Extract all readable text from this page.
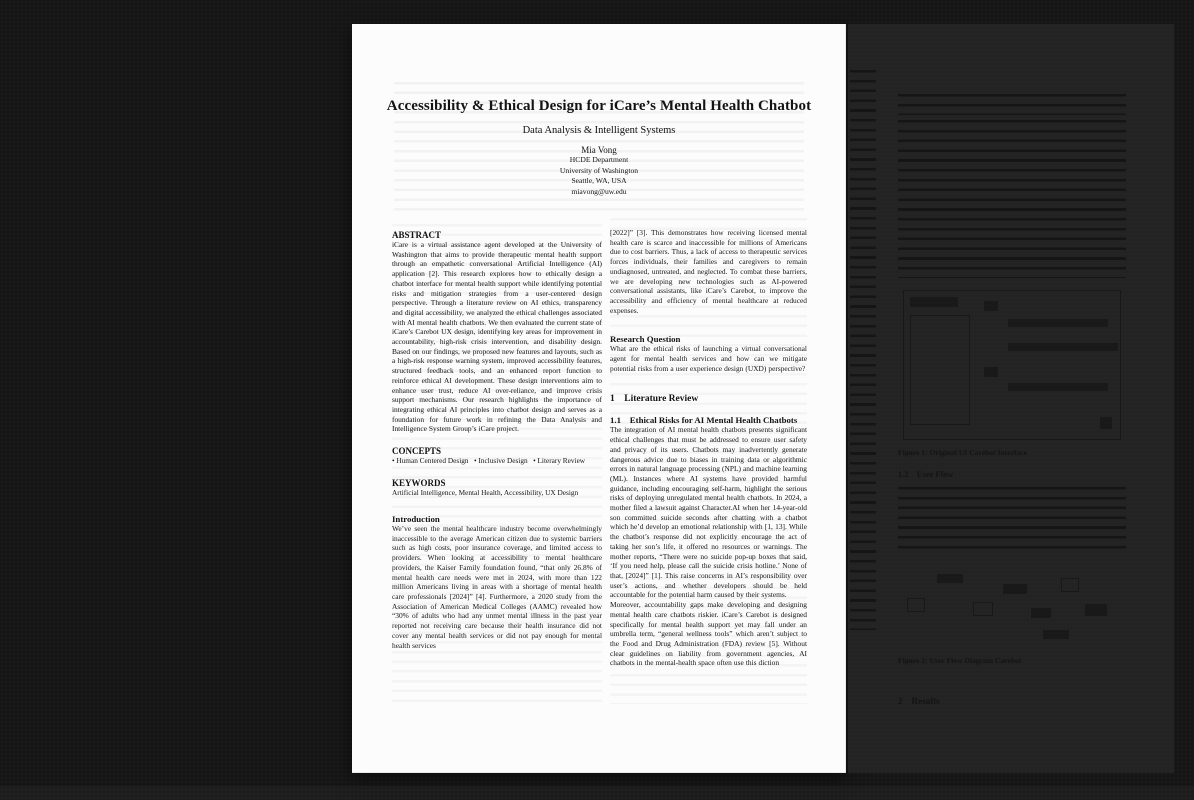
Accessibility & Ethical Design for iCare’s Mental Health Chatbot
Data Analysis & Intelligent Systems
Mia Vong
HCDE Department
University of Washington
Seattle, WA, USA
miavong@uw.edu
ABSTRACT

iCare is a virtual assistance agent developed at the University of Washington that aims to provide therapeutic mental health support through an empathetic conversational Artificial Intelligence (AI) application [2]. This research explores how to ethically design a chatbot interface for mental health support while identifying potential risks and mitigation strategies from a user-centered design perspective. Through a literature review on AI ethics, transparency and digital accessibility, we analyzed the ethical challenges associated with AI mental health chatbots. We then evaluated the current state of iCare’s Carebot UX design, identifying key areas for improvement in accountability, high-risk crisis intervention, and disability design. Based on our findings, we proposed new features and layouts, such as a high-risk response warning system, improved accessibility features, structured feedback tools, and an enhanced report function to reinforce ethical AI development. These design interventions aim to enhance user trust, reduce AI over-reliance, and improve crisis support mechanisms. Our research highlights the importance of integrating ethical AI principles into chatbot design and serves as a foundation for future work in refining the Data Analysis and Intelligence System Group’s iCare project.

CONCEPTS

• Human Centered Design   • Inclusive Design   • Literary Review

KEYWORDS

Artificial Intelligence, Mental Health, Accessibility, UX Design

Introduction

We’ve seen the mental healthcare industry become overwhelmingly inaccessible to the average American citizen due to systemic barriers such as high costs, poor insurance coverage, and limited access to providers. When looking at accessibility to mental healthcare providers, the Kaiser Family foundation found, “that only 26.8% of mental health care needs were met in 2024, with more than 122 million Americans living in areas with a shortage of mental health care professionals [2024]” [4]. Furthermore, a 2020 study from the Association of American Medical Colleges (AAMC) revealed how “30% of adults who had any unmet mental illness in the past year reported not receiving care because their health insurance did not cover any mental health services or did not pay enough for mental health services

[2022]” [3]. This demonstrates how receiving licensed mental health care is scarce and inaccessible for millions of Americans due to cost barriers. Thus, a lack of access to therapeutic services forces individuals, their families and caregivers to remain undiagnosed, untreated, and neglected. To combat these barriers, we are developing new technologies such as AI-powered conversational assistants, like iCare’s Carebot, to improve the accessibility and efficiency of mental healthcare at reduced expenses.

Research Question

What are the ethical risks of launching a virtual conversational agent for mental health services and how can we mitigate potential risks from a user experience design (UXD) perspective?

1    Literature Review
1.1    Ethical Risks for AI Mental Health Chatbots

The integration of AI mental health chatbots presents significant ethical challenges that must be addressed to ensure user safety and privacy of its users. Chatbots may inadvertently generate dangerous advice due to biases in training data or algorithmic errors in natural language processing (NPL) and machine learning (ML). Instances where AI systems have provided harmful guidance, including encouraging self-harm, highlight the serious risks of deploying unregulated mental health chatbots. In 2024, a mother filed a lawsuit against Character.AI when her 14-year-old son committed suicide seconds after chatting with a chatbot which he’d develop an emotional relationship with [1, 13]. While the chatbot’s response did not explicitly encourage the act of taking her son’s life, it offered no resources or warnings. The mother reports, “There were no suicide pop-up boxes that said, ‘If you need help, please call the suicide crisis hotline.’ None of that, [2024]” [1]. This raise concerns in AI’s responsibility over user’s actions, and whether developers should be held accountable for the potential harm caused by their systems.

Moreover, accountability gaps make developing and designing mental health care chatbots riskier. iCare’s Carebot is designed specifically for mental health support yet may fall under an umbrella term, “general wellness tools” which aren’t subject to the Food and Drug Administration (FDA) review [5]. Without clear guidelines on liability from government agencies, AI chatbots in the mental-health space often use this diction

Figure 1: Original UI Carebot Interface
1.2    User Flow
Figure 2: User Flow Diagram Carebot
2    Results
